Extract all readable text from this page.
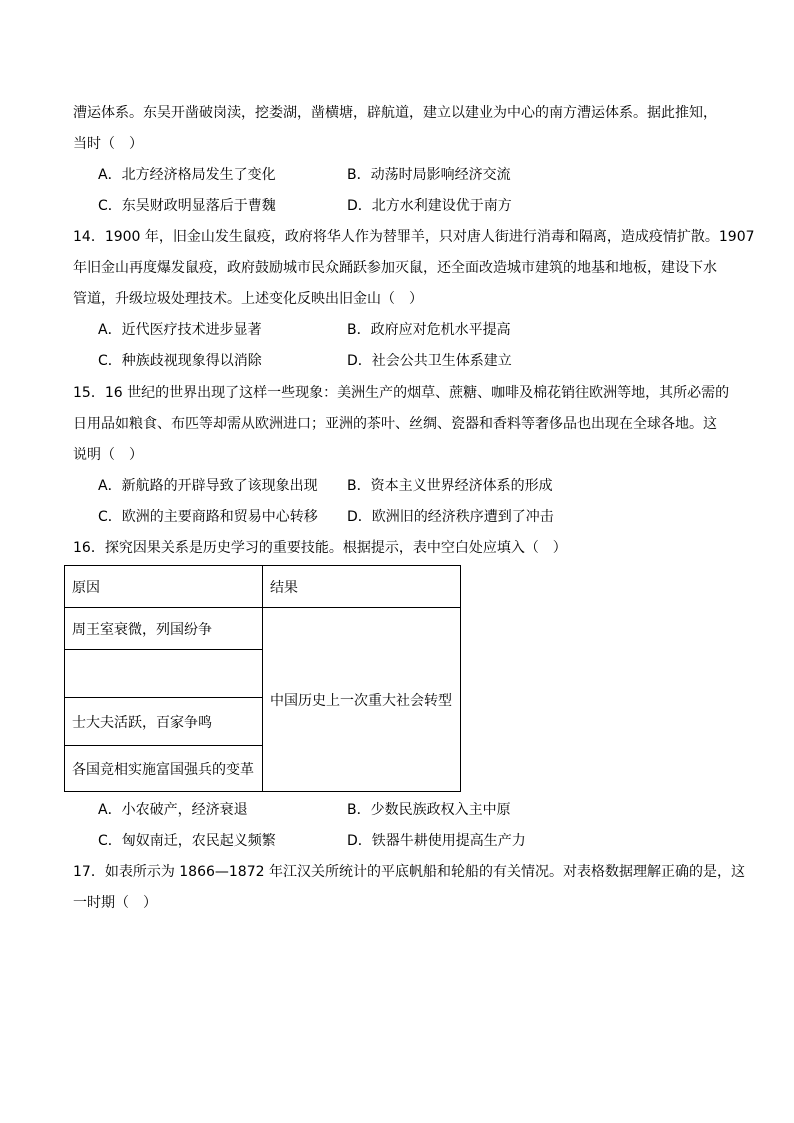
漕运体系。东吴开凿破岗渎，挖娄湖，凿横塘，辟航道，建立以建业为中心的南方漕运体系。据此推知，
当时（　）
A．北方经济格局发生了变化	B．动荡时局影响经济交流
C．东吴财政明显落后于曹魏	D．北方水利建设优于南方
14．1900 年，旧金山发生鼠疫，政府将华人作为替罪羊，只对唐人街进行消毒和隔离，造成疫情扩散。1907
年旧金山再度爆发鼠疫，政府鼓励城市民众踊跃参加灭鼠，还全面改造城市建筑的地基和地板，建设下水
管道，升级垃圾处理技术。上述变化反映出旧金山（　）
A．近代医疗技术进步显著	B．政府应对危机水平提高
C．种族歧视现象得以消除	D．社会公共卫生体系建立
15．16 世纪的世界出现了这样一些现象：美洲生产的烟草、蔗糖、咖啡及棉花销往欧洲等地，其所必需的
日用品如粮食、布匹等却需从欧洲进口；亚洲的茶叶、丝绸、瓷器和香料等奢侈品也出现在全球各地。这
说明（　）
A．新航路的开辟导致了该现象出现 B．资本主义世界经济体系的形成
C．欧洲的主要商路和贸易中心转移 D．欧洲旧的经济秩序遭到了冲击
16．探究因果关系是历史学习的重要技能。根据提示，表中空白处应填入（　）
原因	结果
周王室衰微，列国纷争	中国历史上一次重大社会转型

士大夫活跃，百家争鸣	
各国竞相实施富国强兵的变革	
A．小农破产，经济衰退	B．少数民族政权入主中原
C．匈奴南迁，农民起义频繁	D．铁器牛耕使用提高生产力
17．如表所示为 1866—1872 年江汉关所统计的平底帆船和轮船的有关情况。对表格数据理解正确的是，这
一时期（　）
